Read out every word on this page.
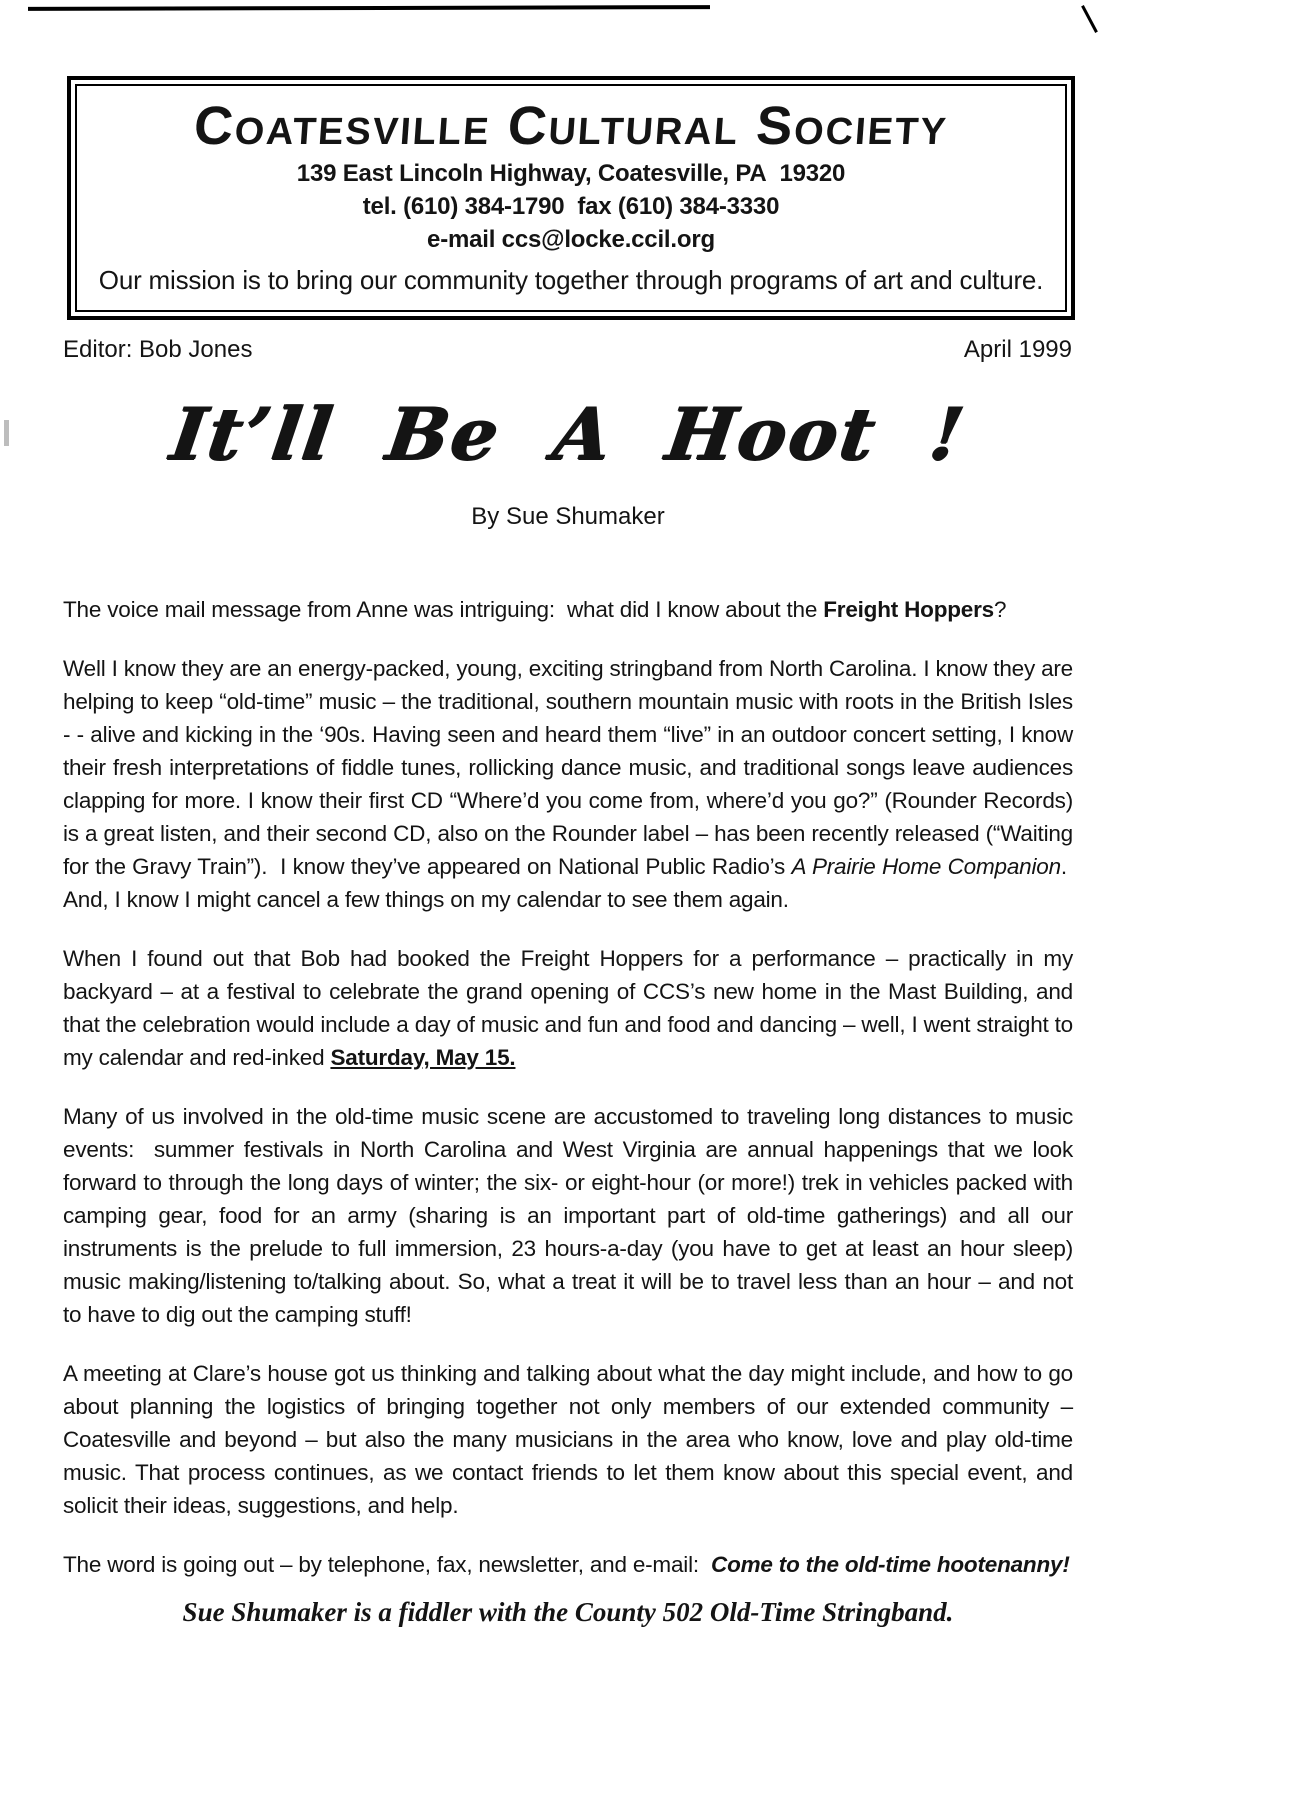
Coatesville Cultural Society
139 East Lincoln Highway, Coatesville, PA  19320
tel. (610) 384-1790  fax (610) 384-3330
e-mail ccs@locke.ccil.org
Our mission is to bring our community together through programs of art and culture.
Editor: Bob Jones	April 1999
It’ll Be A Hoot !
By Sue Shumaker

The voice mail message from Anne was intriguing:  what did I know about the Freight Hoppers?

Well I know they are an energy-packed, young, exciting stringband from North Carolina. I know they are helping to keep “old-time” music – the traditional, southern mountain music with roots in the British Isles - - alive and kicking in the ‘90s. Having seen and heard them “live” in an outdoor concert setting, I know their fresh interpretations of fiddle tunes, rollicking dance music, and traditional songs leave audiences clapping for more. I know their first CD “Where’d you come from, where’d you go?” (Rounder Records) is a great listen, and their second CD, also on the Rounder label – has been recently released (“Waiting for the Gravy Train”).  I know they’ve appeared on National Public Radio’s A Prairie Home Companion.  And, I know I might cancel a few things on my calendar to see them again.

When I found out that Bob had booked the Freight Hoppers for a performance – practically in my backyard – at a festival to celebrate the grand opening of CCS’s new home in the Mast Building, and that the celebration would include a day of music and fun and food and dancing – well, I went straight to my calendar and red-inked Saturday, May 15.

Many of us involved in the old-time music scene are accustomed to traveling long distances to music events:  summer festivals in North Carolina and West Virginia are annual happenings that we look forward to through the long days of winter; the six- or eight-hour (or more!) trek in vehicles packed with camping gear, food for an army (sharing is an important part of old-time gatherings) and all our instruments is the prelude to full immersion, 23 hours-a-day (you have to get at least an hour sleep) music making/listening to/talking about. So, what a treat it will be to travel less than an hour – and not to have to dig out the camping stuff!

A meeting at Clare’s house got us thinking and talking about what the day might include, and how to go about planning the logistics of bringing together not only members of our extended community – Coatesville and beyond – but also the many musicians in the area who know, love and play old-time music. That process continues, as we contact friends to let them know about this special event, and solicit their ideas, suggestions, and help.

The word is going out – by telephone, fax, newsletter, and e-mail:  Come to the old-time hootenanny!

Sue Shumaker is a fiddler with the County 502 Old-Time Stringband.
